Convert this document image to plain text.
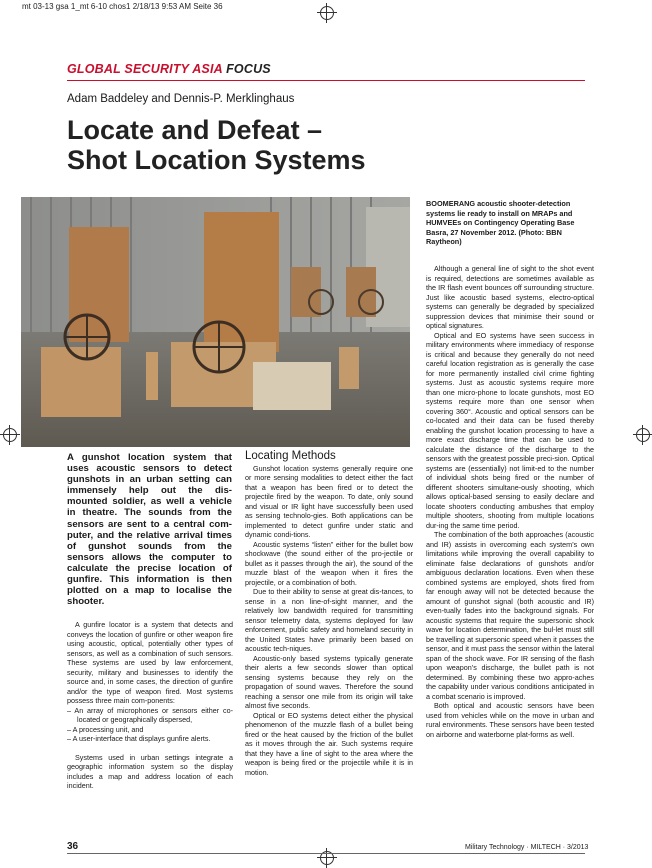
mt 03-13 gsa 1_mt 6-10 chos1 2/18/13 9:53 AM Seite 36
GLOBAL SECURITY ASIA FOCUS
Adam Baddeley and Dennis-P. Merklinghaus
Locate and Defeat –
Shot Location Systems
BOOMERANG acoustic shooter-detection systems lie ready to install on MRAPs and HUMVEEs on Contingency Operating Base Basra, 27 November 2012. (Photo: BBN Raytheon)
A gunshot location system that uses acoustic sensors to detect gunshots in an urban setting can immensely help out the dis-mounted soldier, as well a vehicle in theatre. The sounds from the sensors are sent to a central com-puter, and the relative arrival times of gunshot sounds from the sensors allows the computer to calculate the precise location of gunfire. This information is then plotted on a map to localise the shooter.

A gunfire locator is a system that detects and conveys the location of gunfire or other weapon fire using acoustic, optical, potentially other types of sensors, as well as a combination of such sensors. These systems are used by law enforcement, security, military and businesses to identify the source and, in some cases, the direction of gunfire and/or the type of weapon fired. Most systems possess three main com-ponents:

– An array of microphones or sensors either co-located or geographically dispersed,
– A processing unit, and
– A user-interface that displays gunfire alerts.

Systems used in urban settings integrate a geographic information system so the display includes a map and address location of each incident.

Locating Methods

Gunshot location systems generally require one or more sensing modalities to detect either the fact that a weapon has been fired or to detect the projectile fired by the weapon. To date, only sound and visual or IR light have successfully been used as sensing technolo-gies. Both applications can be implemented to detect gunfire under static and dynamic condi-tions.

Acoustic systems “listen” either for the bullet bow shockwave (the sound either of the pro-jectile or bullet as it passes through the air), the sound of the muzzle blast of the weapon when it fires the projectile, or a combination of both.

Due to their ability to sense at great dis-tances, to sense in a non line-of-sight manner, and the relatively low bandwidth required for transmitting sensor telemetry data, systems deployed for law enforcement, public safety and homeland security in the United States have primarily been based on acoustic tech-niques.

Acoustic-only based systems typically generate their alerts a few seconds slower than optical sensing systems because they rely on the propagation of sound waves. Therefore the sound reaching a sensor one mile from its origin will take almost five seconds.

Optical or EO systems detect either the physical phenomenon of the muzzle flash of a bullet being fired or the heat caused by the friction of the bullet as it moves through the air. Such systems require that they have a line of sight to the area where the weapon is being fired or the projectile while it is in motion.

Although a general line of sight to the shot event is required, detections are sometimes available as the IR flash event bounces off surrounding structure. Just like acoustic based systems, electro-optical systems can generally be degraded by specialized suppression devices that minimise their sound or optical signatures.

Optical and EO systems have seen success in military environments where immediacy of response is critical and because they generally do not need careful location registration as is generally the case for more permanently installed civil crime fighting systems. Just as acoustic systems require more than one micro-phone to locate gunshots, most EO systems require more than one sensor when covering 360°. Acoustic and optical sensors can be co-located and their data can be fused thereby enabling the gunshot location processing to have a more exact discharge time that can be used to calculate the distance of the discharge to the sensors with the greatest possible preci-sion. Optical systems are (essentially) not limit-ed to the number of individual shots being fired or the number of different shooters simultane-ously shooting, which allows optical-based sensing to easily declare and locate shooters conducting ambushes that employ multiple shooters, shooting from multiple locations dur-ing the same time period.

The combination of the both approaches (acoustic and IR) assists in overcoming each system’s own limitations while improving the overall capability to eliminate false declarations of gunshots and/or ambiguous declaration locations. Even when these combined systems are employed, shots fired from far enough away will not be detected because the amount of gunshot signal (both acoustic and IR) even-tually fades into the background signals. For acoustic systems that require the supersonic shock wave for location determination, the bul-let must still be travelling at supersonic speed when it passes the sensor, and it must pass the sensor within the lateral span of the shock wave. For IR sensing of the flash upon weapon’s discharge, the bullet path is not determined. By combining these two appro-aches the capability under various conditions anticipated in a combat scenario is improved.

Both optical and acoustic sensors have been used from vehicles while on the move in urban and rural environments. These sensors have been tested on airborne and waterborne plat-forms as well.

36	Military Technology · MILTECH · 3/2013
